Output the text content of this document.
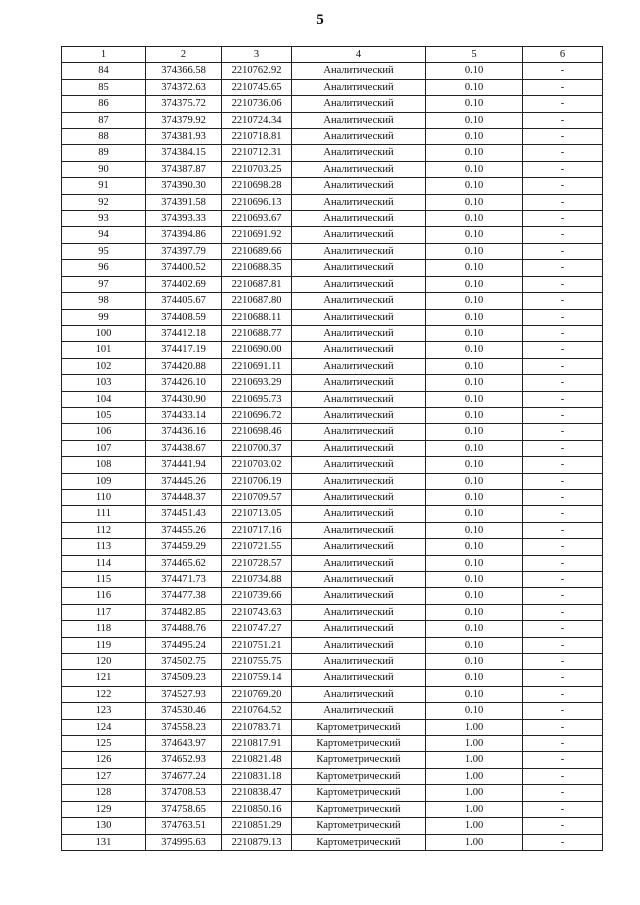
5
1	2	3	4	5	6
84	374366.58	2210762.92	Аналитический	0.10	-
85	374372.63	2210745.65	Аналитический	0.10	-
86	374375.72	2210736.06	Аналитический	0.10	-
87	374379.92	2210724.34	Аналитический	0.10	-
88	374381.93	2210718.81	Аналитический	0.10	-
89	374384.15	2210712.31	Аналитический	0.10	-
90	374387.87	2210703.25	Аналитический	0.10	-
91	374390.30	2210698.28	Аналитический	0.10	-
92	374391.58	2210696.13	Аналитический	0.10	-
93	374393.33	2210693.67	Аналитический	0.10	-
94	374394.86	2210691.92	Аналитический	0.10	-
95	374397.79	2210689.66	Аналитический	0.10	-
96	374400.52	2210688.35	Аналитический	0.10	-
97	374402.69	2210687.81	Аналитический	0.10	-
98	374405.67	2210687.80	Аналитический	0.10	-
99	374408.59	2210688.11	Аналитический	0.10	-
100	374412.18	2210688.77	Аналитический	0.10	-
101	374417.19	2210690.00	Аналитический	0.10	-
102	374420.88	2210691.11	Аналитический	0.10	-
103	374426.10	2210693.29	Аналитический	0.10	-
104	374430.90	2210695.73	Аналитический	0.10	-
105	374433.14	2210696.72	Аналитический	0.10	-
106	374436.16	2210698.46	Аналитический	0.10	-
107	374438.67	2210700.37	Аналитический	0.10	-
108	374441.94	2210703.02	Аналитический	0.10	-
109	374445.26	2210706.19	Аналитический	0.10	-
110	374448.37	2210709.57	Аналитический	0.10	-
111	374451.43	2210713.05	Аналитический	0.10	-
112	374455.26	2210717.16	Аналитический	0.10	-
113	374459.29	2210721.55	Аналитический	0.10	-
114	374465.62	2210728.57	Аналитический	0.10	-
115	374471.73	2210734.88	Аналитический	0.10	-
116	374477.38	2210739.66	Аналитический	0.10	-
117	374482.85	2210743.63	Аналитический	0.10	-
118	374488.76	2210747.27	Аналитический	0.10	-
119	374495.24	2210751.21	Аналитический	0.10	-
120	374502.75	2210755.75	Аналитический	0.10	-
121	374509.23	2210759.14	Аналитический	0.10	-
122	374527.93	2210769.20	Аналитический	0.10	-
123	374530.46	2210764.52	Аналитический	0.10	-
124	374558.23	2210783.71	Картометрический	1.00	-
125	374643.97	2210817.91	Картометрический	1.00	-
126	374652.93	2210821.48	Картометрический	1.00	-
127	374677.24	2210831.18	Картометрический	1.00	-
128	374708.53	2210838.47	Картометрический	1.00	-
129	374758.65	2210850.16	Картометрический	1.00	-
130	374763.51	2210851.29	Картометрический	1.00	-
131	374995.63	2210879.13	Картометрический	1.00	-
